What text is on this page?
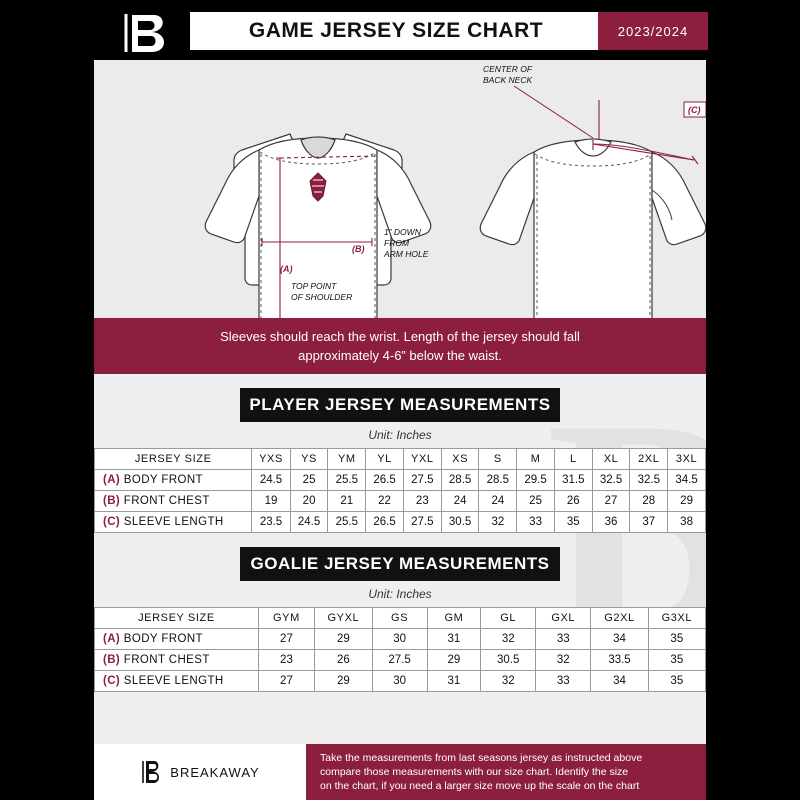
GAME JERSEY SIZE CHART	2023/2024
(B)
(A)
1” DOWN
FROM
ARM HOLE
TOP POINT
OF SHOULDER
(C)
CENTER OF
BACK NECK
Sleeves should reach the wrist. Length of the jersey should fall
approximately 4-6” below the waist.
PLAYER JERSEY MEASUREMENTS
Unit: Inches
JERSEY SIZE	YXS	YS	YM	YL	YXL	XS	S	M	L	XL	2XL	3XL
(A) BODY FRONT	24.5	25	25.5	26.5	27.5	28.5	28.5	29.5	31.5	32.5	32.5	34.5
(B) FRONT CHEST	19	20	21	22	23	24	24	25	26	27	28	29
(C) SLEEVE LENGTH	23.5	24.5	25.5	26.5	27.5	30.5	32	33	35	36	37	38
GOALIE JERSEY MEASUREMENTS
Unit: Inches
JERSEY SIZE	GYM	GYXL	GS	GM	GL	GXL	G2XL	G3XL
(A) BODY FRONT	27	29	30	31	32	33	34	35
(B) FRONT CHEST	23	26	27.5	29	30.5	32	33.5	35
(C) SLEEVE LENGTH	27	29	30	31	32	33	34	35
BREAKAWAY
Take the measurements from last seasons jersey as instructed above
compare those measurements with our size chart. Identify the size
on the chart, if you need a larger size move up the scale on the chart
